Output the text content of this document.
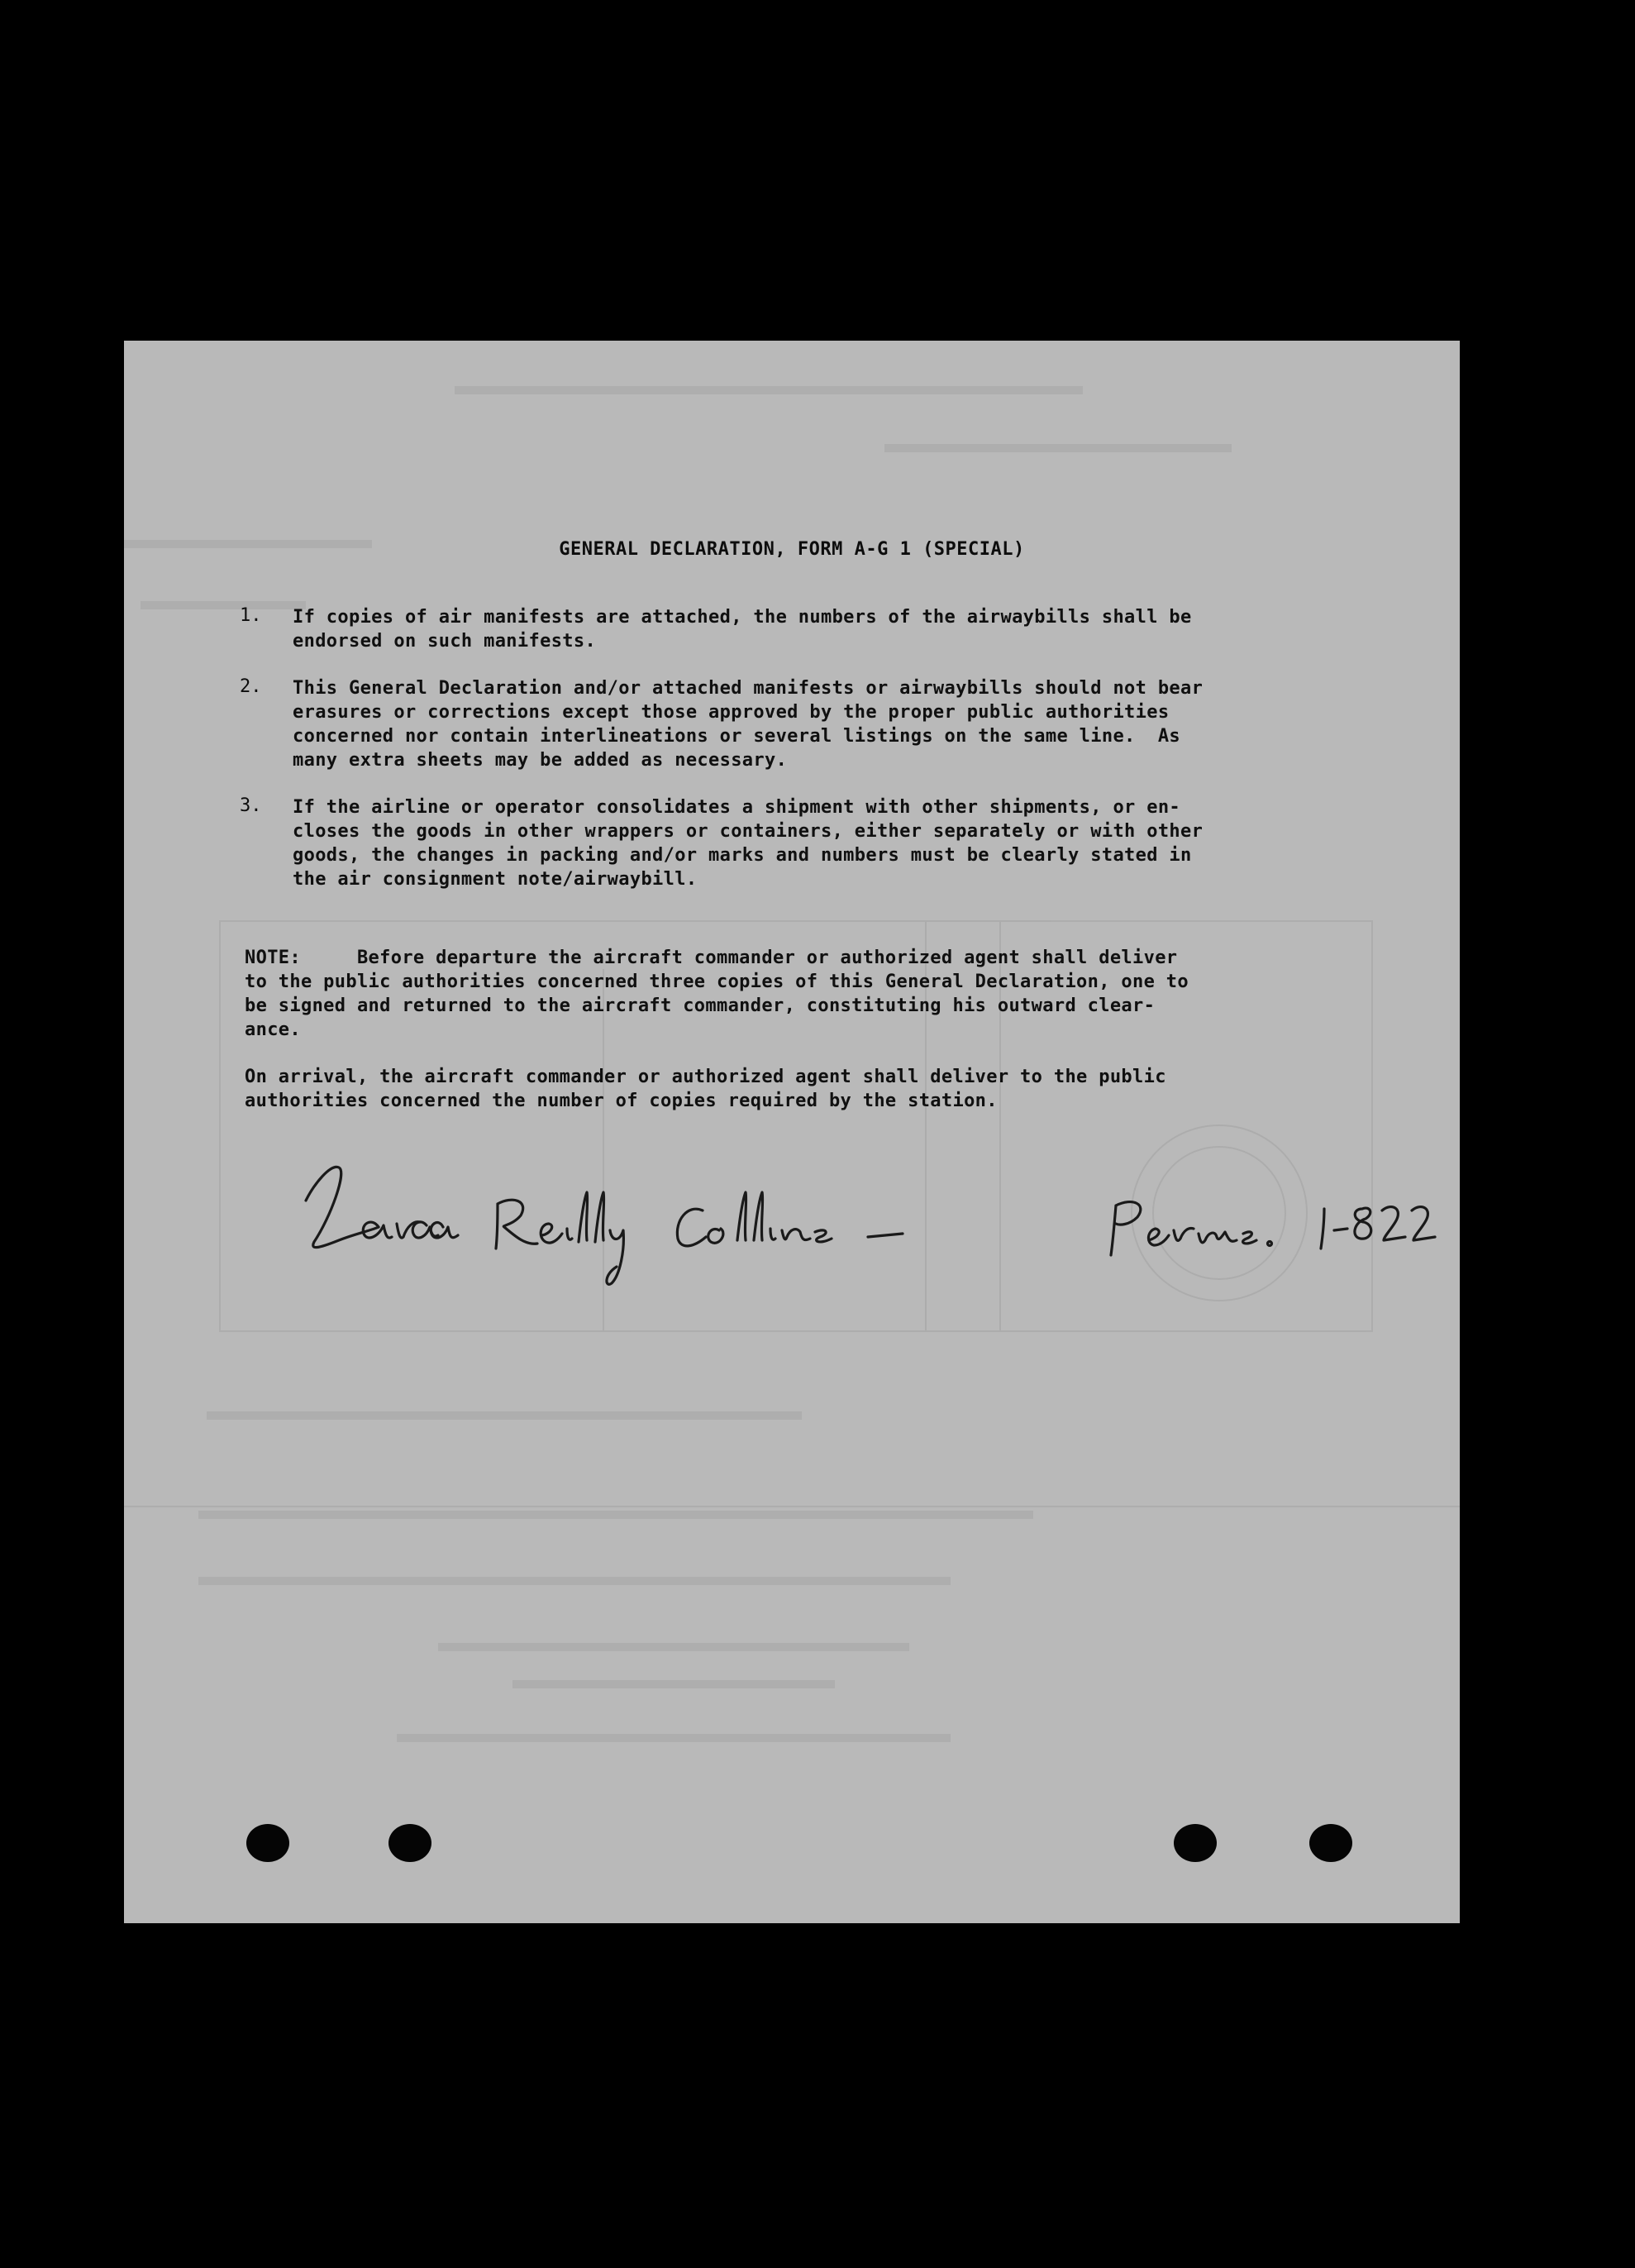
GENERAL DECLARATION, FORM A-G 1 (SPECIAL)
1. If copies of air manifests are attached, the numbers of the airwaybills shall be
endorsed on such manifests.
2. This General Declaration and/or attached manifests or airwaybills should not bear
erasures or corrections except those approved by the proper public authorities
concerned nor contain interlineations or several listings on the same line.  As
many extra sheets may be added as necessary.
3. If the airline or operator consolidates a shipment with other shipments, or en-
closes the goods in other wrappers or containers, either separately or with other
goods, the changes in packing and/or marks and numbers must be clearly stated in
the air consignment note/airwaybill.

NOTE:     Before departure the aircraft commander or authorized agent shall deliver
to the public authorities concerned three copies of this General Declaration, one to
be signed and returned to the aircraft commander, constituting his outward clear-
ance.

On arrival, the aircraft commander or authorized agent shall deliver to the public
authorities concerned the number of copies required by the station.
